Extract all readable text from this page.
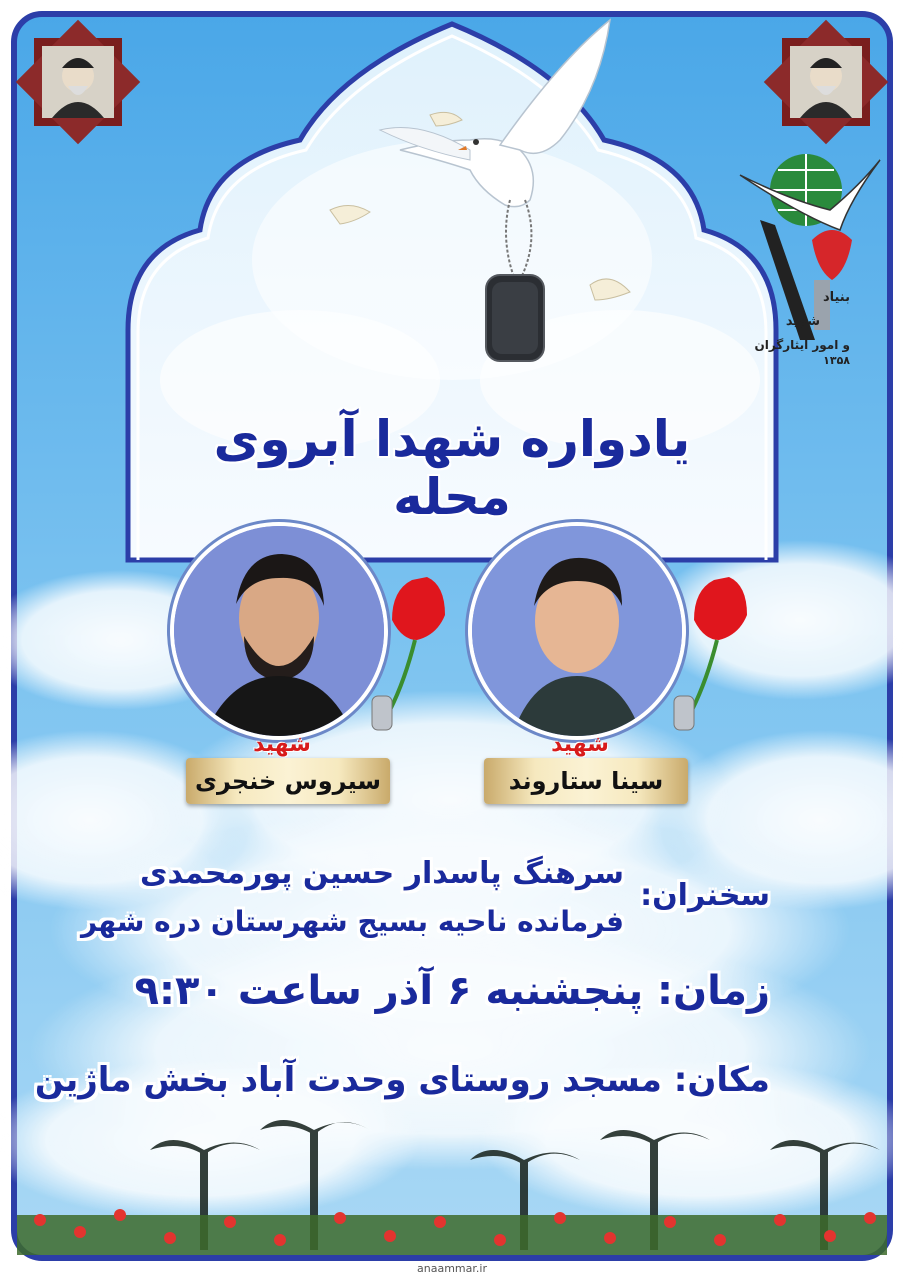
بنیاد
شهید
و امور ایثارگران
۱۳۵۸
یادواره شهدا آبروی محله
شهید
سینا ستاروند
شهید
سیروس خنجری
سخنران:
سرهنگ پاسدار حسین پورمحمدی
فرمانده ناحیه بسیج شهرستان دره شهر
زمان: پنجشنبه ۶ آذر ساعت ۹:۳۰
مکان: مسجد روستای وحدت آباد بخش ماژین
anaammar.ir
